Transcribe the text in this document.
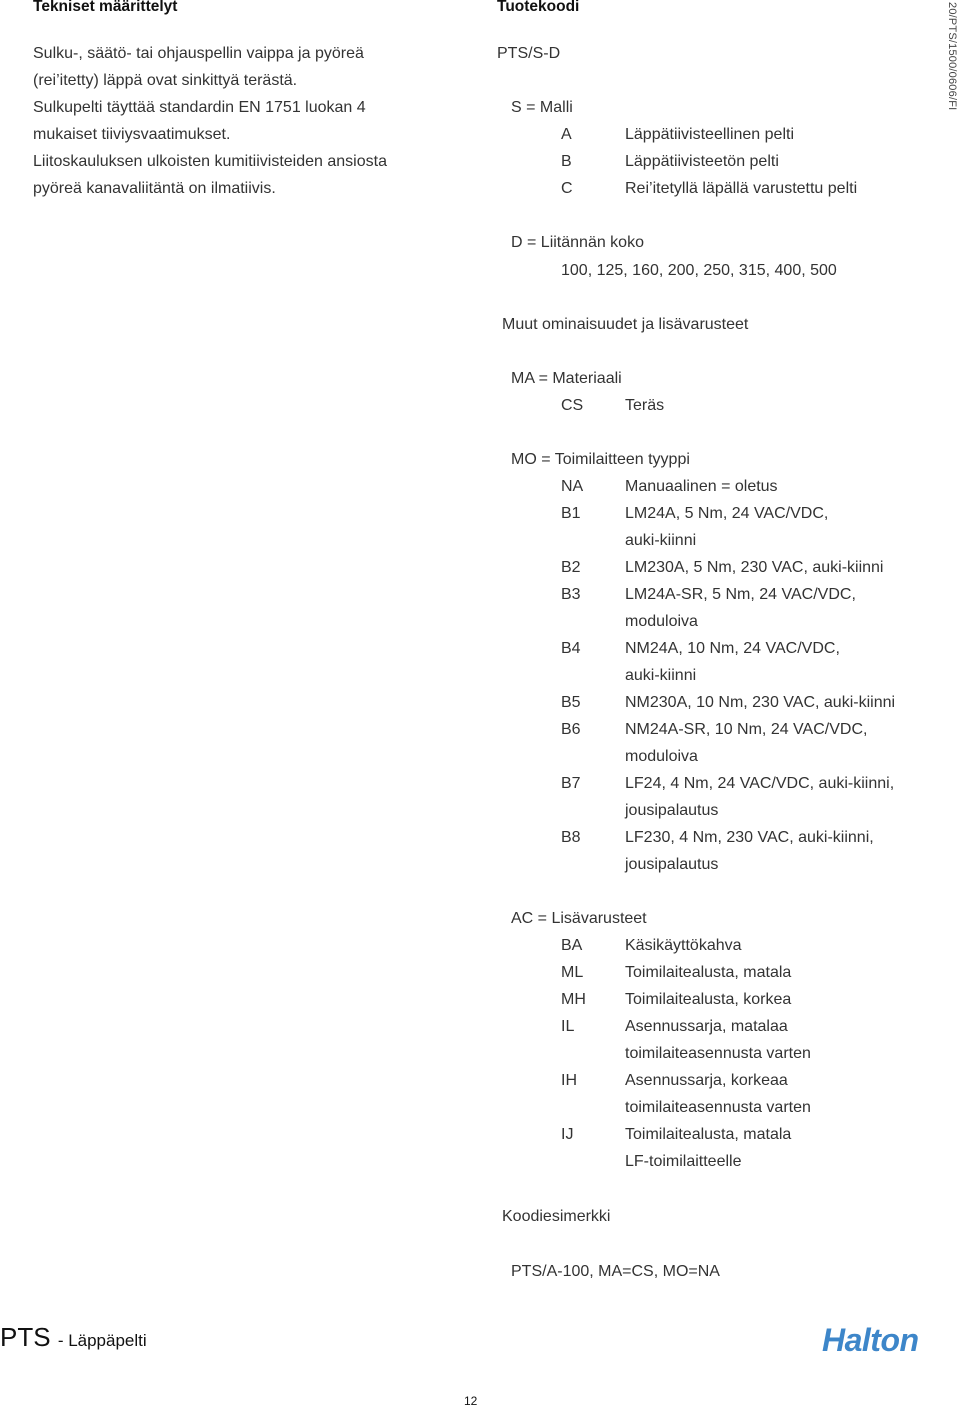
Tekniset määrittelyt
Sulku-, säätö- tai ohjauspellin vaippa ja pyöreä
(rei’itetty) läppä ovat sinkittyä terästä.
Sulkupelti täyttää standardin EN 1751 luokan 4
mukaiset tiiviysvaatimukset.
Liitoskauluksen ulkoisten kumitiivisteiden ansiosta
pyöreä kanavaliitäntä on ilmatiivis.
Tuotekoodi
PTS/S-D
S = Malli
A	Läppätiivisteellinen pelti
B	Läppätiivisteetön pelti
C	Rei’itetyllä läpällä varustettu pelti
D = Liitännän koko
100, 125, 160, 200, 250, 315, 400, 500
Muut ominaisuudet ja lisävarusteet
MA = Materiaali
CS	Teräs
MO = Toimilaitteen tyyppi
NA	Manuaalinen = oletus
B1	LM24A, 5 Nm, 24 VAC/VDC,
auki-kiinni
B2	LM230A, 5 Nm, 230 VAC, auki-kiinni
B3	LM24A-SR, 5 Nm, 24 VAC/VDC,
moduloiva
B4	NM24A, 10 Nm, 24 VAC/VDC,
auki-kiinni
B5	NM230A, 10 Nm, 230 VAC, auki-kiinni
B6	NM24A-SR, 10 Nm, 24 VAC/VDC,
moduloiva
B7	LF24, 4 Nm, 24 VAC/VDC, auki-kiinni,
jousipalautus
B8	LF230, 4 Nm, 230 VAC, auki-kiinni,
jousipalautus
AC = Lisävarusteet
BA	Käsikäyttökahva
ML	Toimilaitealusta, matala
MH Toimilaitealusta, korkea
IL	Asennussarja, matalaa
toimilaiteasennusta varten
IH	Asennussarja, korkeaa
toimilaiteasennusta varten
IJ	Toimilaitealusta, matala
LF-toimilaitteelle
Koodiesimerkki
PTS/A-100, MA=CS, MO=NA
20/PTS/1500/0606/FI
PTS - Läppäpelti	Halton
12
